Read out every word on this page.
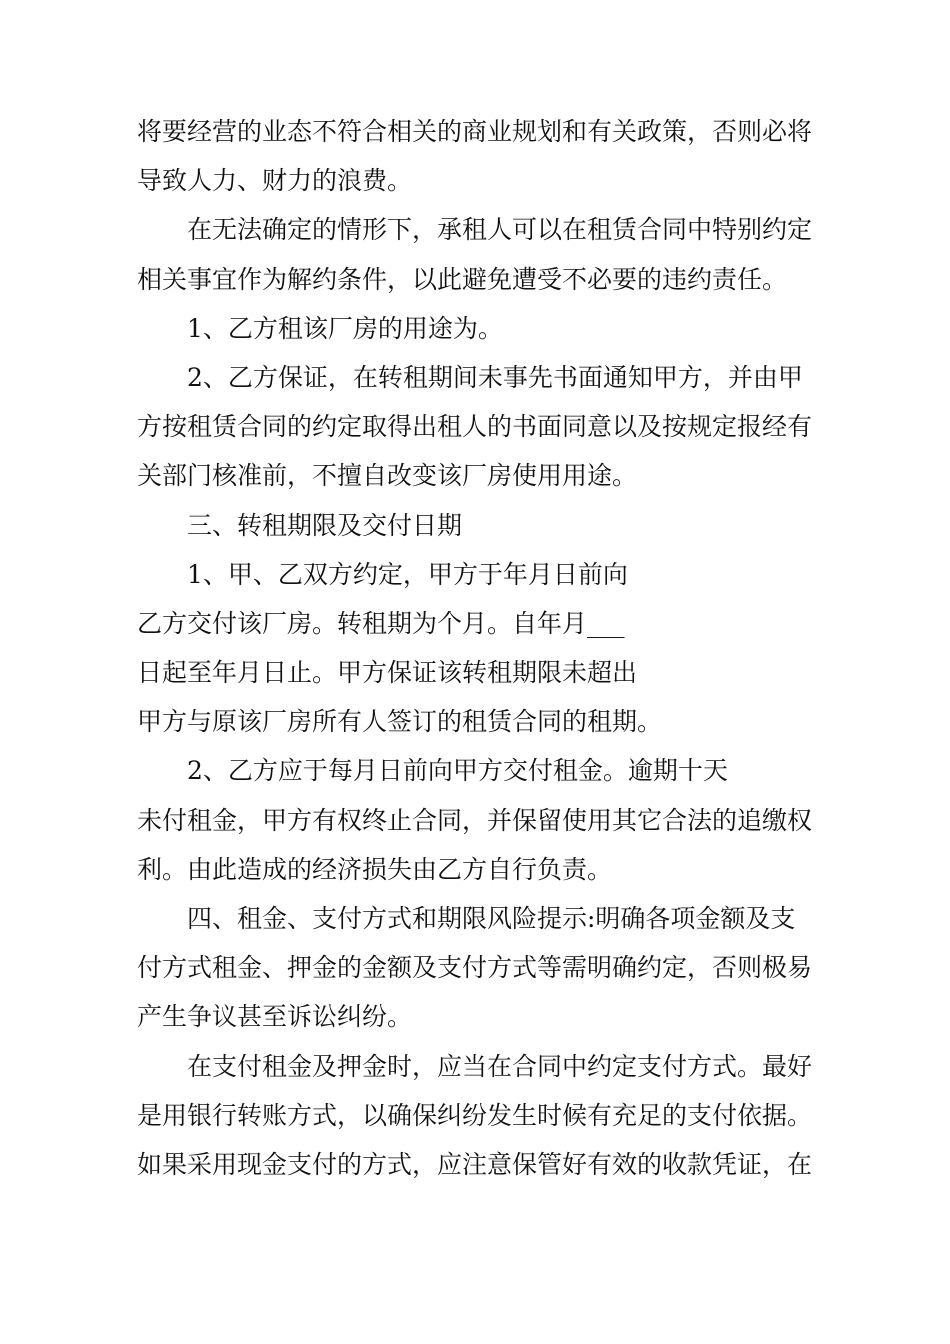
将要经营的业态不符合相关的商业规划和有关政策，否则必将
导致人力、财力的浪费。
在无法确定的情形下，承租人可以在租赁合同中特别约定
相关事宜作为解约条件，以此避免遭受不必要的违约责任。
1、乙方租该厂房的用途为。
2、乙方保证，在转租期间未事先书面通知甲方，并由甲
方按租赁合同的约定取得出租人的书面同意以及按规定报经有
关部门核准前，不擅自改变该厂房使用用途。
三、转租期限及交付日期
1、甲、乙双方约定，甲方于年月日前向
乙方交付该厂房。转租期为个月。自年月___
日起至年月日止。甲方保证该转租期限未超出
甲方与原该厂房所有人签订的租赁合同的租期。
2、乙方应于每月日前向甲方交付租金。逾期十天
未付租金，甲方有权终止合同，并保留使用其它合法的追缴权
利。由此造成的经济损失由乙方自行负责。
四、租金、支付方式和期限风险提示:明确各项金额及支
付方式租金、押金的金额及支付方式等需明确约定，否则极易
产生争议甚至诉讼纠纷。
在支付租金及押金时，应当在合同中约定支付方式。最好
是用银行转账方式，以确保纠纷发生时候有充足的支付依据。
如果采用现金支付的方式，应注意保管好有效的收款凭证，在
